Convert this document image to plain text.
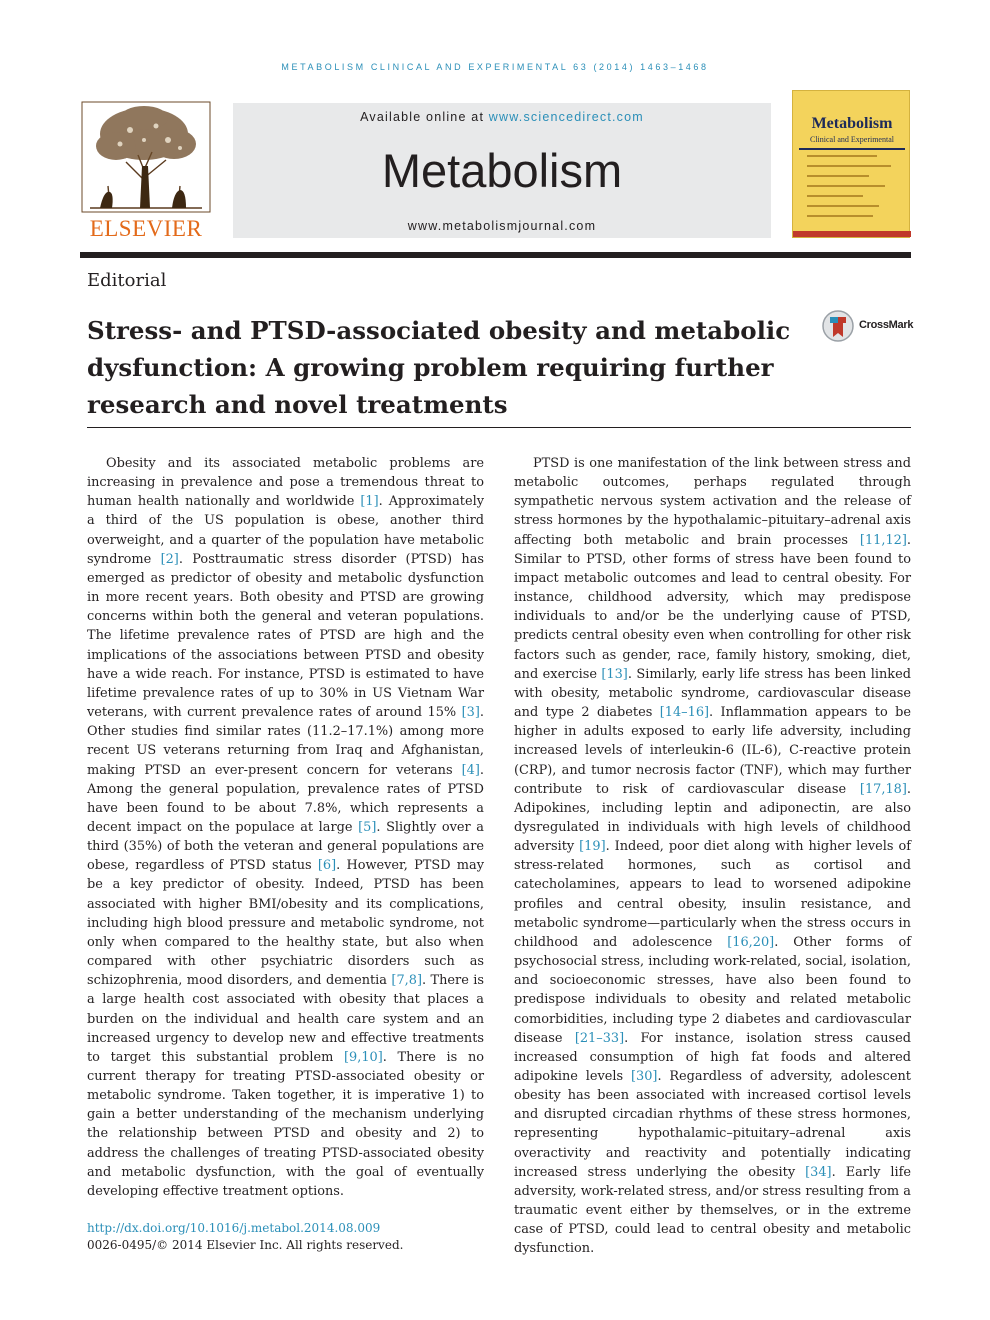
METABOLISM CLINICAL AND EXPERIMENTAL 63 (2014) 1463–1468
ELSEVIER
Available online at www.sciencedirect.com
Metabolism
www.metabolismjournal.com
Metabolism
Clinical and Experimental
Editorial
Stress- and PTSD-associated obesity and metabolic dysfunction: A growing problem requiring further research and novel treatments
CrossMark

Obesity and its associated metabolic problems are increasing in prevalence and pose a tremendous threat to human health nationally and worldwide [1]. Approximately a third of the US population is obese, another third overweight, and a quarter of the population have metabolic syndrome [2]. Posttraumatic stress disorder (PTSD) has emerged as predictor of obesity and metabolic dysfunction in more recent years. Both obesity and PTSD are growing concerns within both the general and veteran populations. The lifetime prevalence rates of PTSD are high and the implications of the associations between PTSD and obesity have a wide reach. For instance, PTSD is estimated to have lifetime prevalence rates of up to 30% in US Vietnam War veterans, with current prevalence rates of around 15% [3]. Other studies find similar rates (11.2–17.1%) among more recent US veterans returning from Iraq and Afghanistan, making PTSD an ever-present concern for veterans [4]. Among the general population, prevalence rates of PTSD have been found to be about 7.8%, which represents a decent impact on the populace at large [5]. Slightly over a third (35%) of both the veteran and general populations are obese, regardless of PTSD status [6]. However, PTSD may be a key predictor of obesity. Indeed, PTSD has been associated with higher BMI/obesity and its complications, including high blood pressure and metabolic syndrome, not only when compared to the healthy state, but also when compared with other psychiatric disorders such as schizophrenia, mood disorders, and dementia [7,8]. There is a large health cost associated with obesity that places a burden on the individual and health care system and an increased urgency to develop new and effective treatments to target this substantial problem [9,10]. There is no current therapy for treating PTSD-associated obesity or metabolic syndrome. Taken together, it is imperative 1) to gain a better understanding of the mechanism underlying the relationship between PTSD and obesity and 2) to address the challenges of treating PTSD-associated obesity and metabolic dysfunction, with the goal of eventually developing effective treatment options.

PTSD is one manifestation of the link between stress and metabolic outcomes, perhaps regulated through sympathetic nervous system activation and the release of stress hormones by the hypothalamic–pituitary–adrenal axis affecting both metabolic and brain processes [11,12]. Similar to PTSD, other forms of stress have been found to impact metabolic outcomes and lead to central obesity. For instance, childhood adversity, which may predispose individuals to and/or be the underlying cause of PTSD, predicts central obesity even when controlling for other risk factors such as gender, race, family history, smoking, diet, and exercise [13]. Similarly, early life stress has been linked with obesity, metabolic syndrome, cardiovascular disease and type 2 diabetes [14–16]. Inflammation appears to be higher in adults exposed to early life adversity, including increased levels of interleukin-6 (IL-6), C-reactive protein (CRP), and tumor necrosis factor (TNF), which may further contribute to risk of cardiovascular disease [17,18]. Adipokines, including leptin and adiponectin, are also dysregulated in individuals with high levels of childhood adversity [19]. Indeed, poor diet along with higher levels of stress-related hormones, such as cortisol and catecholamines, appears to lead to worsened adipokine profiles and central obesity, insulin resistance, and metabolic syndrome—particularly when the stress occurs in childhood and adolescence [16,20]. Other forms of psychosocial stress, including work-related, social, isolation, and socioeconomic stresses, have also been found to predispose individuals to obesity and related metabolic comorbidities, including type 2 diabetes and cardiovascular disease [21–33]. For instance, isolation stress caused increased consumption of high fat foods and altered adipokine levels [30]. Regardless of adversity, adolescent obesity has been associated with increased cortisol levels and disrupted circadian rhythms of these stress hormones, representing hypothalamic–pituitary–adrenal axis overactivity and reactivity and potentially indicating increased stress underlying the obesity [34]. Early life adversity, work-related stress, and/or stress resulting from a traumatic event either by themselves, or in the extreme case of PTSD, could lead to central obesity and metabolic dysfunction.

http://dx.doi.org/10.1016/j.metabol.2014.08.009
0026-0495/© 2014 Elsevier Inc. All rights reserved.
